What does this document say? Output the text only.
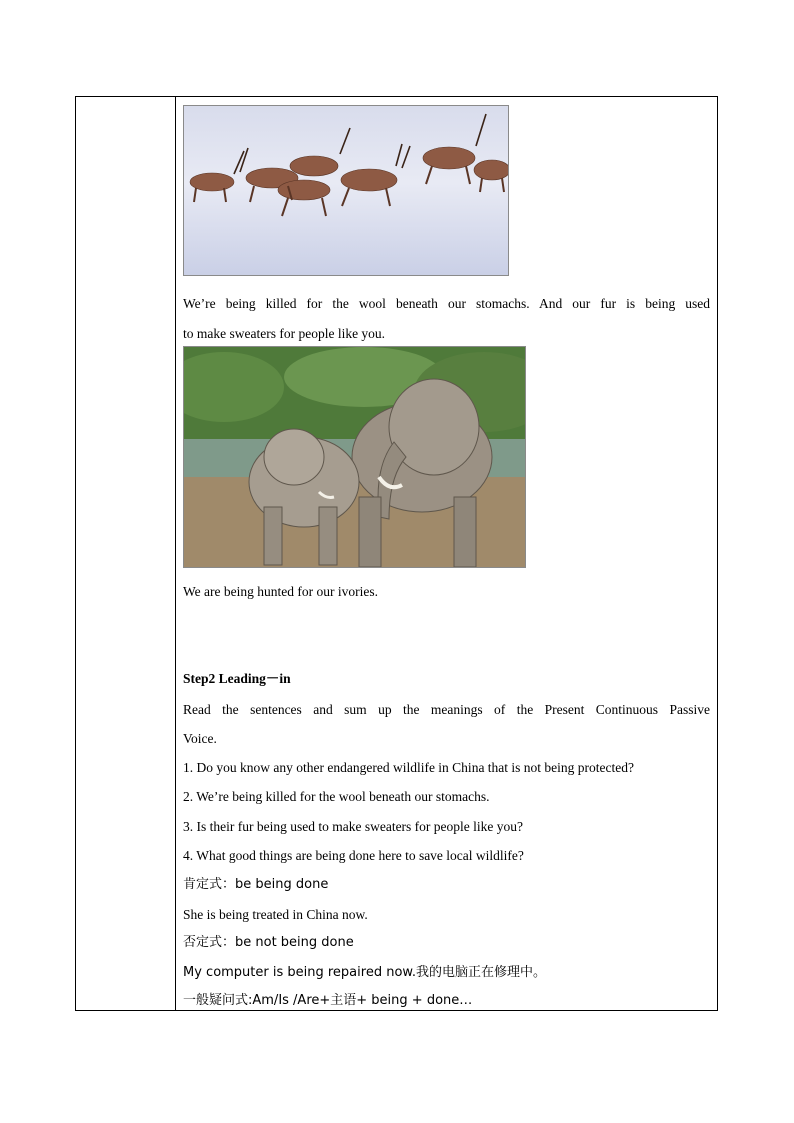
We’re being killed for the wool beneath our stomachs. And our fur is being used
to make sweaters for people like you.
We are being hunted for our ivories.
Step2 Leading－in
Read the sentences and sum up the meanings of the Present Continuous Passive
Voice.
1. Do you know any other endangered wildlife in China that is not being protected?
2. We’re being killed for the wool beneath our stomachs.
3. Is their fur being used to make sweaters for people like you?
4. What good things are being done here to save local wildlife?
肯定式：be being done
She is being treated in China now.
否定式：be not being done
My computer is being repaired now.我的电脑正在修理中。
一般疑问式:Am/Is /Are+主语+ being + done…
